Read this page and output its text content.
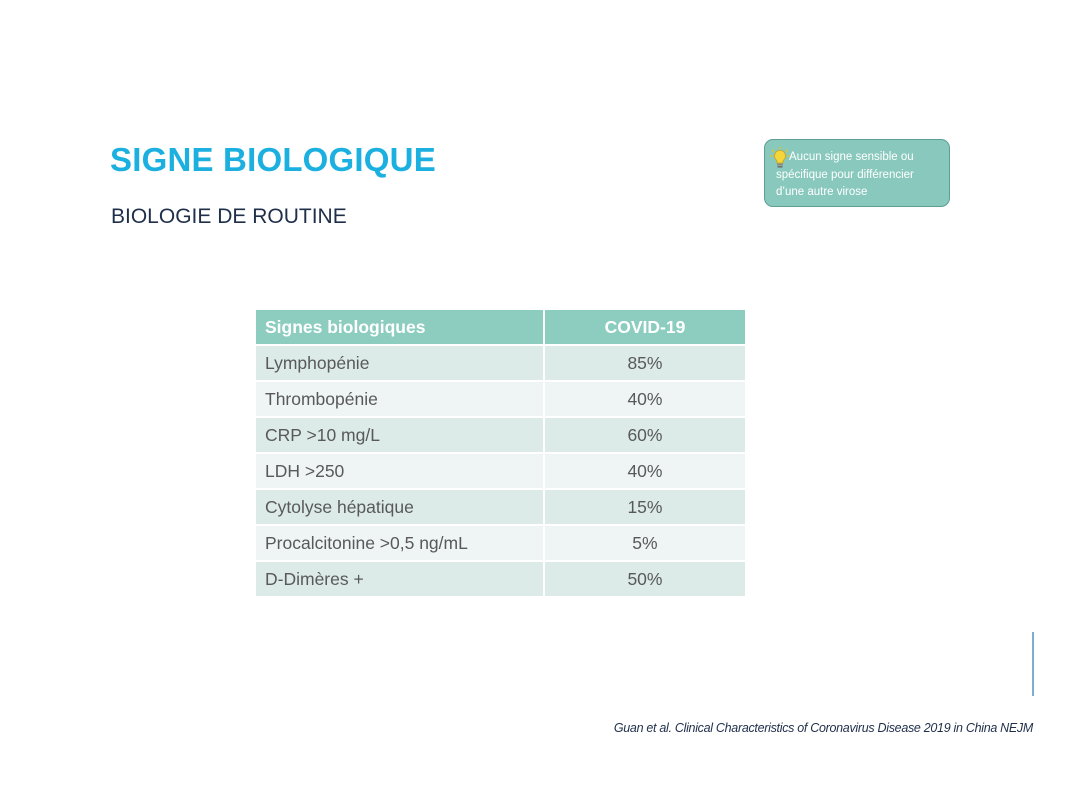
SIGNE BIOLOGIQUE
BIOLOGIE DE ROUTINE
Aucun signe sensible ou spécifique pour différencier d’une autre virose
Signes biologiques	COVID-19
Lymphopénie	85%
Thrombopénie	40%
CRP >10 mg/L	60%
LDH >250	40%
Cytolyse hépatique	15%
Procalcitonine >0,5 ng/mL	5%
D-Dimères +	50%

Guan et al. Clinical Characteristics of Coronavirus Disease 2019 in China NEJM
